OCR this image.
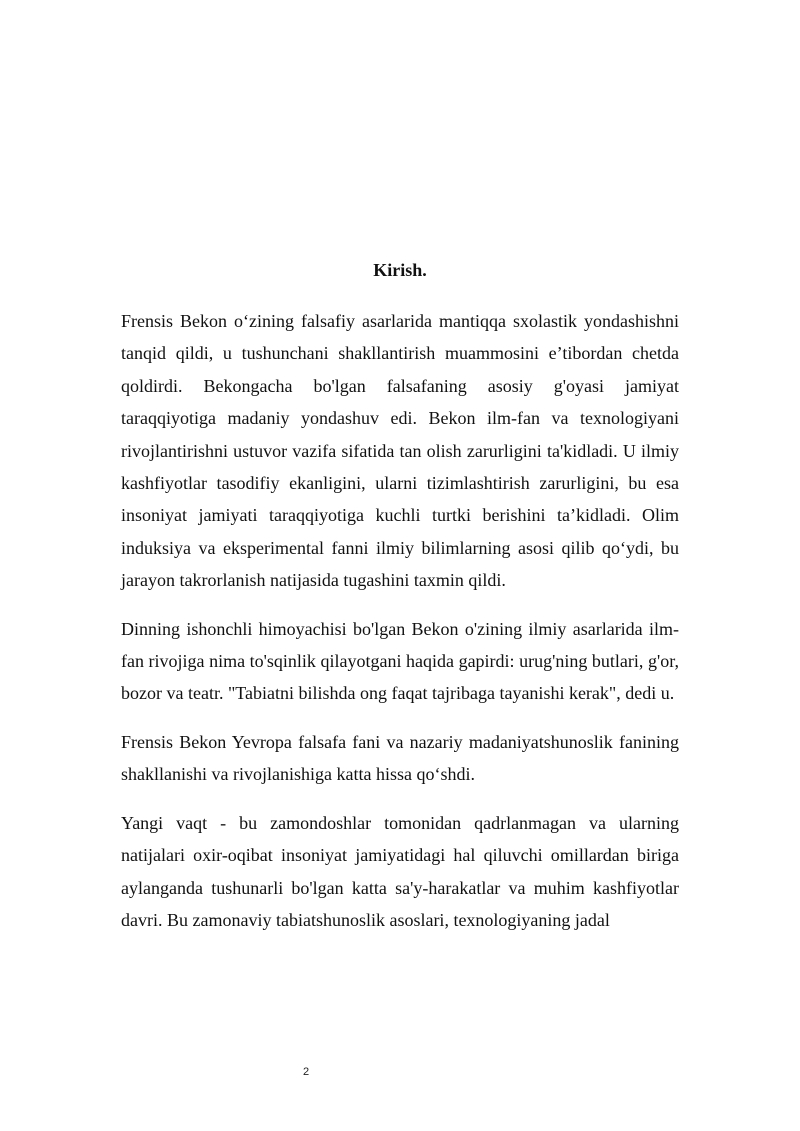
Kirish.

Frensis Bekon o‘zining falsafiy asarlarida mantiqqa sxolastik yondashishni tanqid qildi, u tushunchani shakllantirish muammosini e’tibordan chetda qoldirdi. Bekongacha bo'lgan falsafaning asosiy g'oyasi jamiyat taraqqiyotiga madaniy yondashuv edi. Bekon ilm-fan va texnologiyani rivojlantirishni ustuvor vazifa sifatida tan olish zarurligini ta'kidladi. U ilmiy kashfiyotlar tasodifiy ekanligini, ularni tizimlashtirish zarurligini, bu esa insoniyat jamiyati taraqqiyotiga kuchli turtki berishini ta’kidladi. Olim induksiya va eksperimental fanni ilmiy bilimlarning asosi qilib qo‘ydi, bu jarayon takrorlanish natijasida tugashini taxmin qildi.

Dinning ishonchli himoyachisi bo'lgan Bekon o'zining ilmiy asarlarida ilm-fan rivojiga nima to'sqinlik qilayotgani haqida gapirdi: urug'ning butlari, g'or, bozor va teatr. "Tabiatni bilishda ong faqat tajribaga tayanishi kerak", dedi u.

Frensis Bekon Yevropa falsafa fani va nazariy madaniyatshunoslik fanining shakllanishi va rivojlanishiga katta hissa qo‘shdi.

Yangi vaqt - bu zamondoshlar tomonidan qadrlanmagan va ularning natijalari oxir-oqibat insoniyat jamiyatidagi hal qiluvchi omillardan biriga aylanganda tushunarli bo'lgan katta sa'y-harakatlar va muhim kashfiyotlar davri. Bu zamonaviy tabiatshunoslik asoslari, texnologiyaning jadal

2
